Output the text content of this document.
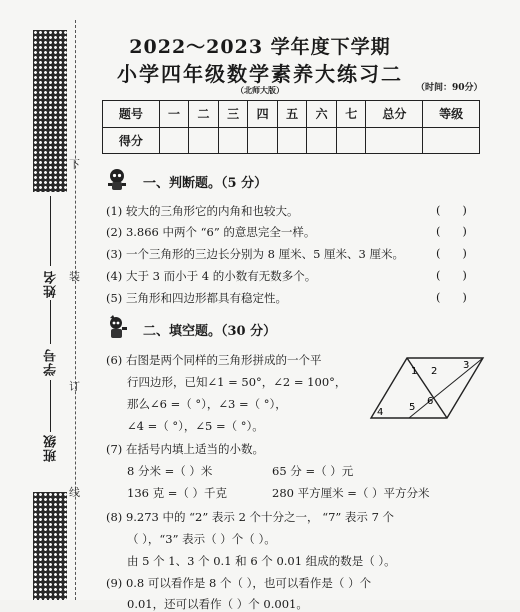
下
装
订
线
姓名
学号
班级
2022～2023 学年度下学期
小学四年级数学素养大练习二
（时间：90分）
（北师大版）
题号	一	二	三	四	五	六	七	总分	等级
得分									
一、判断题。（5 分）
(1) 较大的三角形它的内角和也较大。	(      )
(2) 3.866 中两个 “6” 的意思完全一样。	(      )
(3) 一个三角形的三边长分别为 8 厘米、5 厘米、3 厘米。	(      )
(4) 大于 3 而小于 4 的小数有无数多个。	(      )
(5) 三角形和四边形都具有稳定性。	(      )
二、填空题。（30 分）
(6) 右图是两个同样的三角形拼成的一个平
行四边形，已知∠1 = 50°，∠2 = 100°，
那么∠6 =（ °），∠3 =（ °），
∠4 =（ °），∠5 =（ °）。
1 2
3
4	5
6
(7) 在括号内填上适当的小数。
8 分米 =（ ）米	65 分 =（ ）元
136 克 =（ ）千克	280 平方厘米 =（ ）平方分米
(8) 9.273 中的 “2” 表示 2 个十分之一， “7” 表示 7 个
（ ），“3” 表示（ ）个（ ）。
由 5 个 1、3 个 0.1 和 6 个 0.01 组成的数是（ ）。
(9) 0.8 可以看作是 8 个（ ），也可以看作是（ ）个
0.01，还可以看作（ ）个 0.001。
